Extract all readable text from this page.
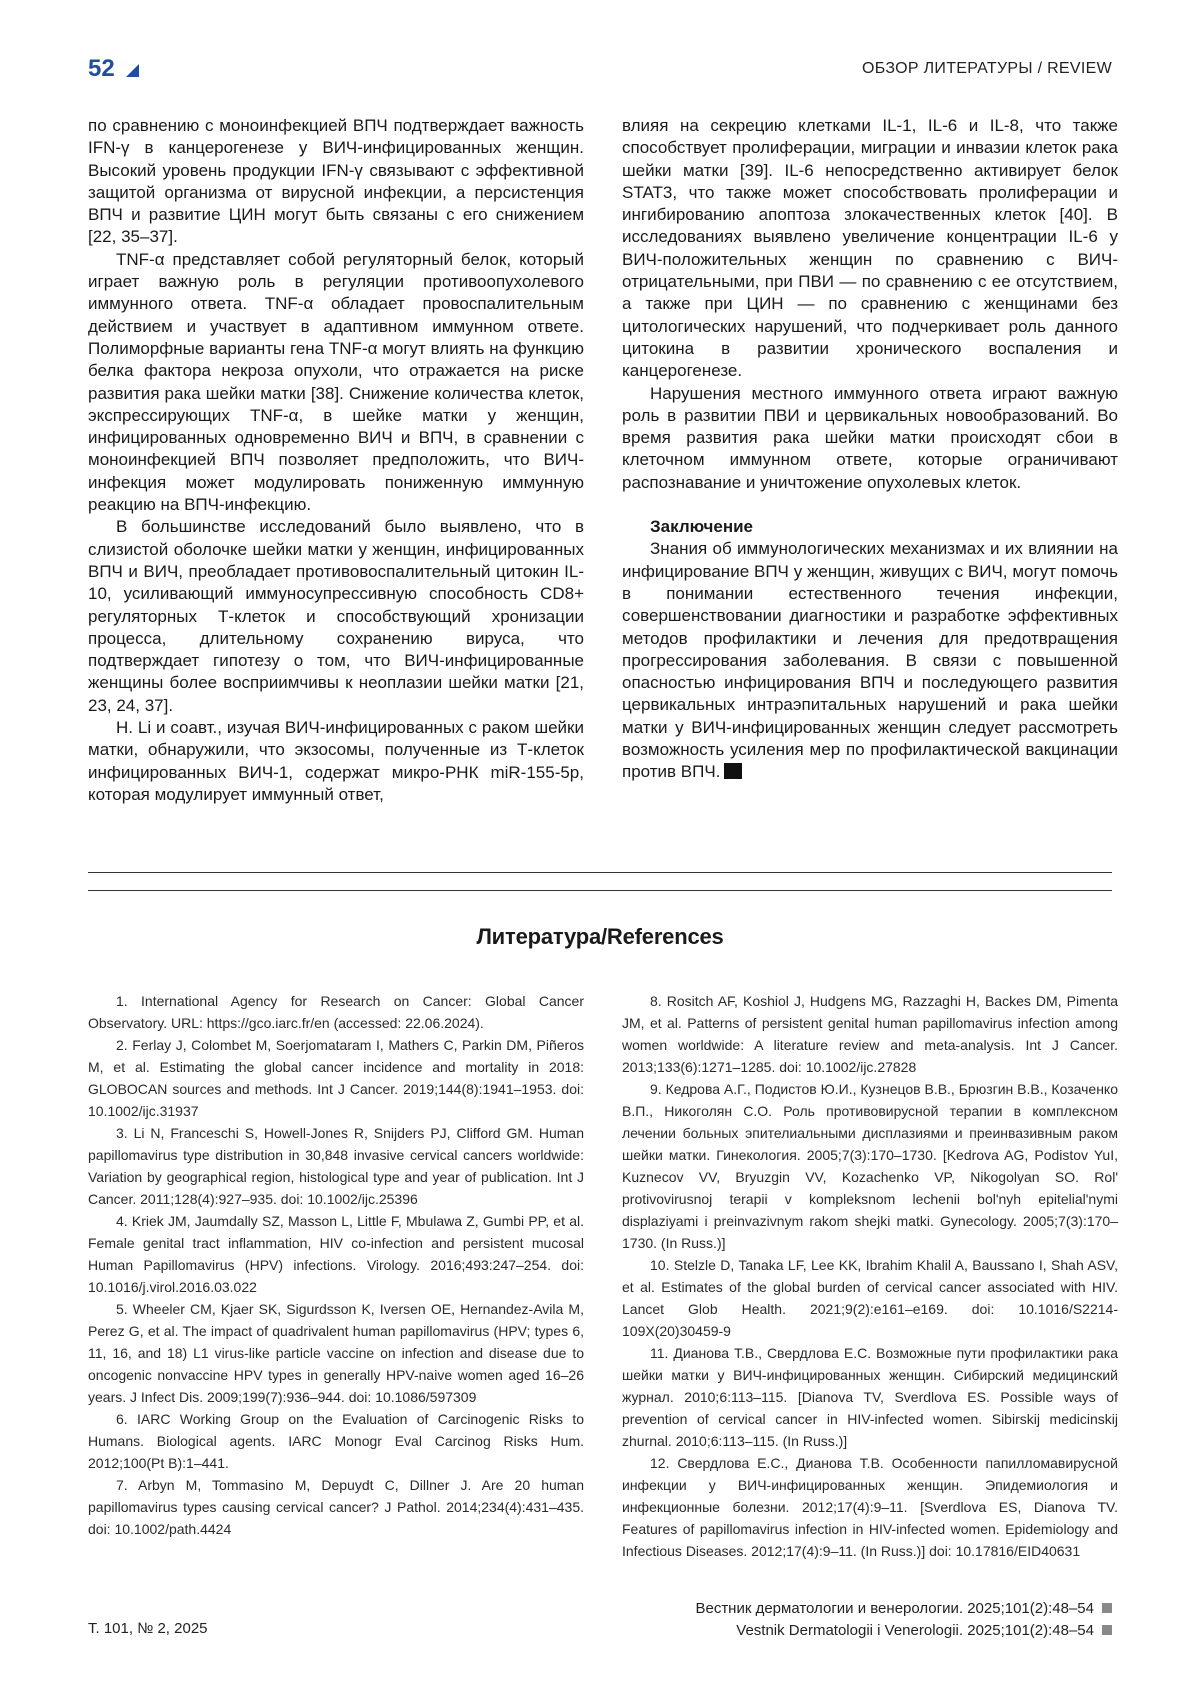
52	ОБЗОР ЛИТЕРАТУРЫ / REVIEW

по сравнению с моноинфекцией ВПЧ подтверждает важность IFN-γ в канцерогенезе у ВИЧ-инфицированных женщин. Высокий уровень продукции IFN-γ связывают с эффективной защитой организма от вирусной инфекции, а персистенция ВПЧ и развитие ЦИН могут быть связаны с его снижением [22, 35–37].

TNF-α представляет собой регуляторный белок, который играет важную роль в регуляции противоопухолевого иммунного ответа. TNF-α обладает провоспалительным действием и участвует в адаптивном иммунном ответе. Полиморфные варианты гена TNF-α могут влиять на функцию белка фактора некроза опухоли, что отражается на риске развития рака шейки матки [38]. Снижение количества клеток, экспрессирующих TNF-α, в шейке матки у женщин, инфицированных одновременно ВИЧ и ВПЧ, в сравнении с моноинфекцией ВПЧ позволяет предположить, что ВИЧ-инфекция может модулировать пониженную иммунную реакцию на ВПЧ-инфекцию.

В большинстве исследований было выявлено, что в слизистой оболочке шейки матки у женщин, инфицированных ВПЧ и ВИЧ, преобладает противовоспалительный цитокин IL-10, усиливающий иммуносупрессивную способность CD8+ регуляторных Т-клеток и способствующий хронизации процесса, длительному сохранению вируса, что подтверждает гипотезу о том, что ВИЧ-инфицированные женщины более восприимчивы к неоплазии шейки матки [21, 23, 24, 37].

H. Li и соавт., изучая ВИЧ-инфицированных с раком шейки матки, обнаружили, что экзосомы, полученные из Т-клеток инфицированных ВИЧ-1, содержат микро-РНК miR-155-5p, которая модулирует иммунный ответ,

влияя на секрецию клетками IL-1, IL-6 и IL-8, что также способствует пролиферации, миграции и инвазии клеток рака шейки матки [39]. IL-6 непосредственно активирует белок STAT3, что также может способствовать пролиферации и ингибированию апоптоза злокачественных клеток [40]. В исследованиях выявлено увеличение концентрации IL-6 у ВИЧ-положительных женщин по сравнению с ВИЧ-отрицательными, при ПВИ — по сравнению с ее отсутствием, а также при ЦИН — по сравнению с женщинами без цитологических нарушений, что подчеркивает роль данного цитокина в развитии хронического воспаления и канцерогенезе.

Нарушения местного иммунного ответа играют важную роль в развитии ПВИ и цервикальных новообразований. Во время развития рака шейки матки происходят сбои в клеточном иммунном ответе, которые ограничивают распознавание и уничтожение опухолевых клеток.

Заключение

Знания об иммунологических механизмах и их влиянии на инфицирование ВПЧ у женщин, живущих с ВИЧ, могут помочь в понимании естественного течения инфекции, совершенствовании диагностики и разработке эффективных методов профилактики и лечения для предотвращения прогрессирования заболевания. В связи с повышенной опасностью инфицирования ВПЧ и последующего развития цервикальных интраэпитальных нарушений и рака шейки матки у ВИЧ-инфицированных женщин следует рассмотреть возможность усиления мер по профилактической вакцинации против ВПЧ.

Литература/References
1. International Agency for Research on Cancer: Global Cancer Observatory. URL: https://gco.iarc.fr/en (accessed: 22.06.2024).
2. Ferlay J, Colombet M, Soerjomataram I, Mathers C, Parkin DM, Piñeros M, et al. Estimating the global cancer incidence and mortality in 2018: GLOBOCAN sources and methods. Int J Cancer. 2019;144(8):1941–1953. doi: 10.1002/ijc.31937
3. Li N, Franceschi S, Howell-Jones R, Snijders PJ, Clifford GM. Human papillomavirus type distribution in 30,848 invasive cervical cancers worldwide: Variation by geographical region, histological type and year of publication. Int J Cancer. 2011;128(4):927–935. doi: 10.1002/ijc.25396
4. Kriek JM, Jaumdally SZ, Masson L, Little F, Mbulawa Z, Gumbi PP, et al. Female genital tract inflammation, HIV co-infection and persistent mucosal Human Papillomavirus (HPV) infections. Virology. 2016;493:247–254. doi: 10.1016/j.virol.2016.03.022
5. Wheeler CM, Kjaer SK, Sigurdsson K, Iversen OE, Hernandez-Avila M, Perez G, et al. The impact of quadrivalent human papillomavirus (HPV; types 6, 11, 16, and 18) L1 virus-like particle vaccine on infection and disease due to oncogenic nonvaccine HPV types in generally HPV-naive women aged 16–26 years. J Infect Dis. 2009;199(7):936–944. doi: 10.1086/597309
6. IARC Working Group on the Evaluation of Carcinogenic Risks to Humans. Biological agents. IARC Monogr Eval Carcinog Risks Hum. 2012;100(Pt B):1–441.
7. Arbyn M, Tommasino M, Depuydt C, Dillner J. Are 20 human papillomavirus types causing cervical cancer? J Pathol. 2014;234(4):431–435. doi: 10.1002/path.4424
8. Rositch AF, Koshiol J, Hudgens MG, Razzaghi H, Backes DM, Pimenta JM, et al. Patterns of persistent genital human papillomavirus infection among women worldwide: A literature review and meta-analysis. Int J Cancer. 2013;133(6):1271–1285. doi: 10.1002/ijc.27828
9. Кедрова А.Г., Подистов Ю.И., Кузнецов В.В., Брюзгин В.В., Козаченко В.П., Никоголян С.О. Роль противовирусной терапии в комплексном лечении больных эпителиальными дисплазиями и преинвазивным раком шейки матки. Гинекология. 2005;7(3):170–1730. [Kedrova AG, Podistov YuI, Kuznecov VV, Bryuzgin VV, Kozachenko VP, Nikogolyan SO. Rol' protivovirusnoj terapii v kompleksnom lechenii bol'nyh epitelial'nymi displaziyami i preinvazivnym rakom shejki matki. Gynecology. 2005;7(3):170–1730. (In Russ.)]
10. Stelzle D, Tanaka LF, Lee KK, Ibrahim Khalil A, Baussano I, Shah ASV, et al. Estimates of the global burden of cervical cancer associated with HIV. Lancet Glob Health. 2021;9(2):e161–e169. doi: 10.1016/S2214-109X(20)30459-9
11. Дианова Т.В., Свердлова Е.С. Возможные пути профилактики рака шейки матки у ВИЧ-инфицированных женщин. Сибирский медицинский журнал. 2010;6:113–115. [Dianova TV, Sverdlova ES. Possible ways of prevention of cervical cancer in HIV-infected women. Sibirskij medicinskij zhurnal. 2010;6:113–115. (In Russ.)]
12. Свердлова Е.С., Дианова Т.В. Особенности папилломавирусной инфекции у ВИЧ-инфицированных женщин. Эпидемиология и инфекционные болезни. 2012;17(4):9–11. [Sverdlova ES, Dianova TV. Features of papillomavirus infection in HIV-infected women. Epidemiology and Infectious Diseases. 2012;17(4):9–11. (In Russ.)] doi: 10.17816/EID40631
Т. 101, № 2, 2025
Вестник дерматологии и венерологии. 2025;101(2):48–54
Vestnik Dermatologii i Venerologii. 2025;101(2):48–54
